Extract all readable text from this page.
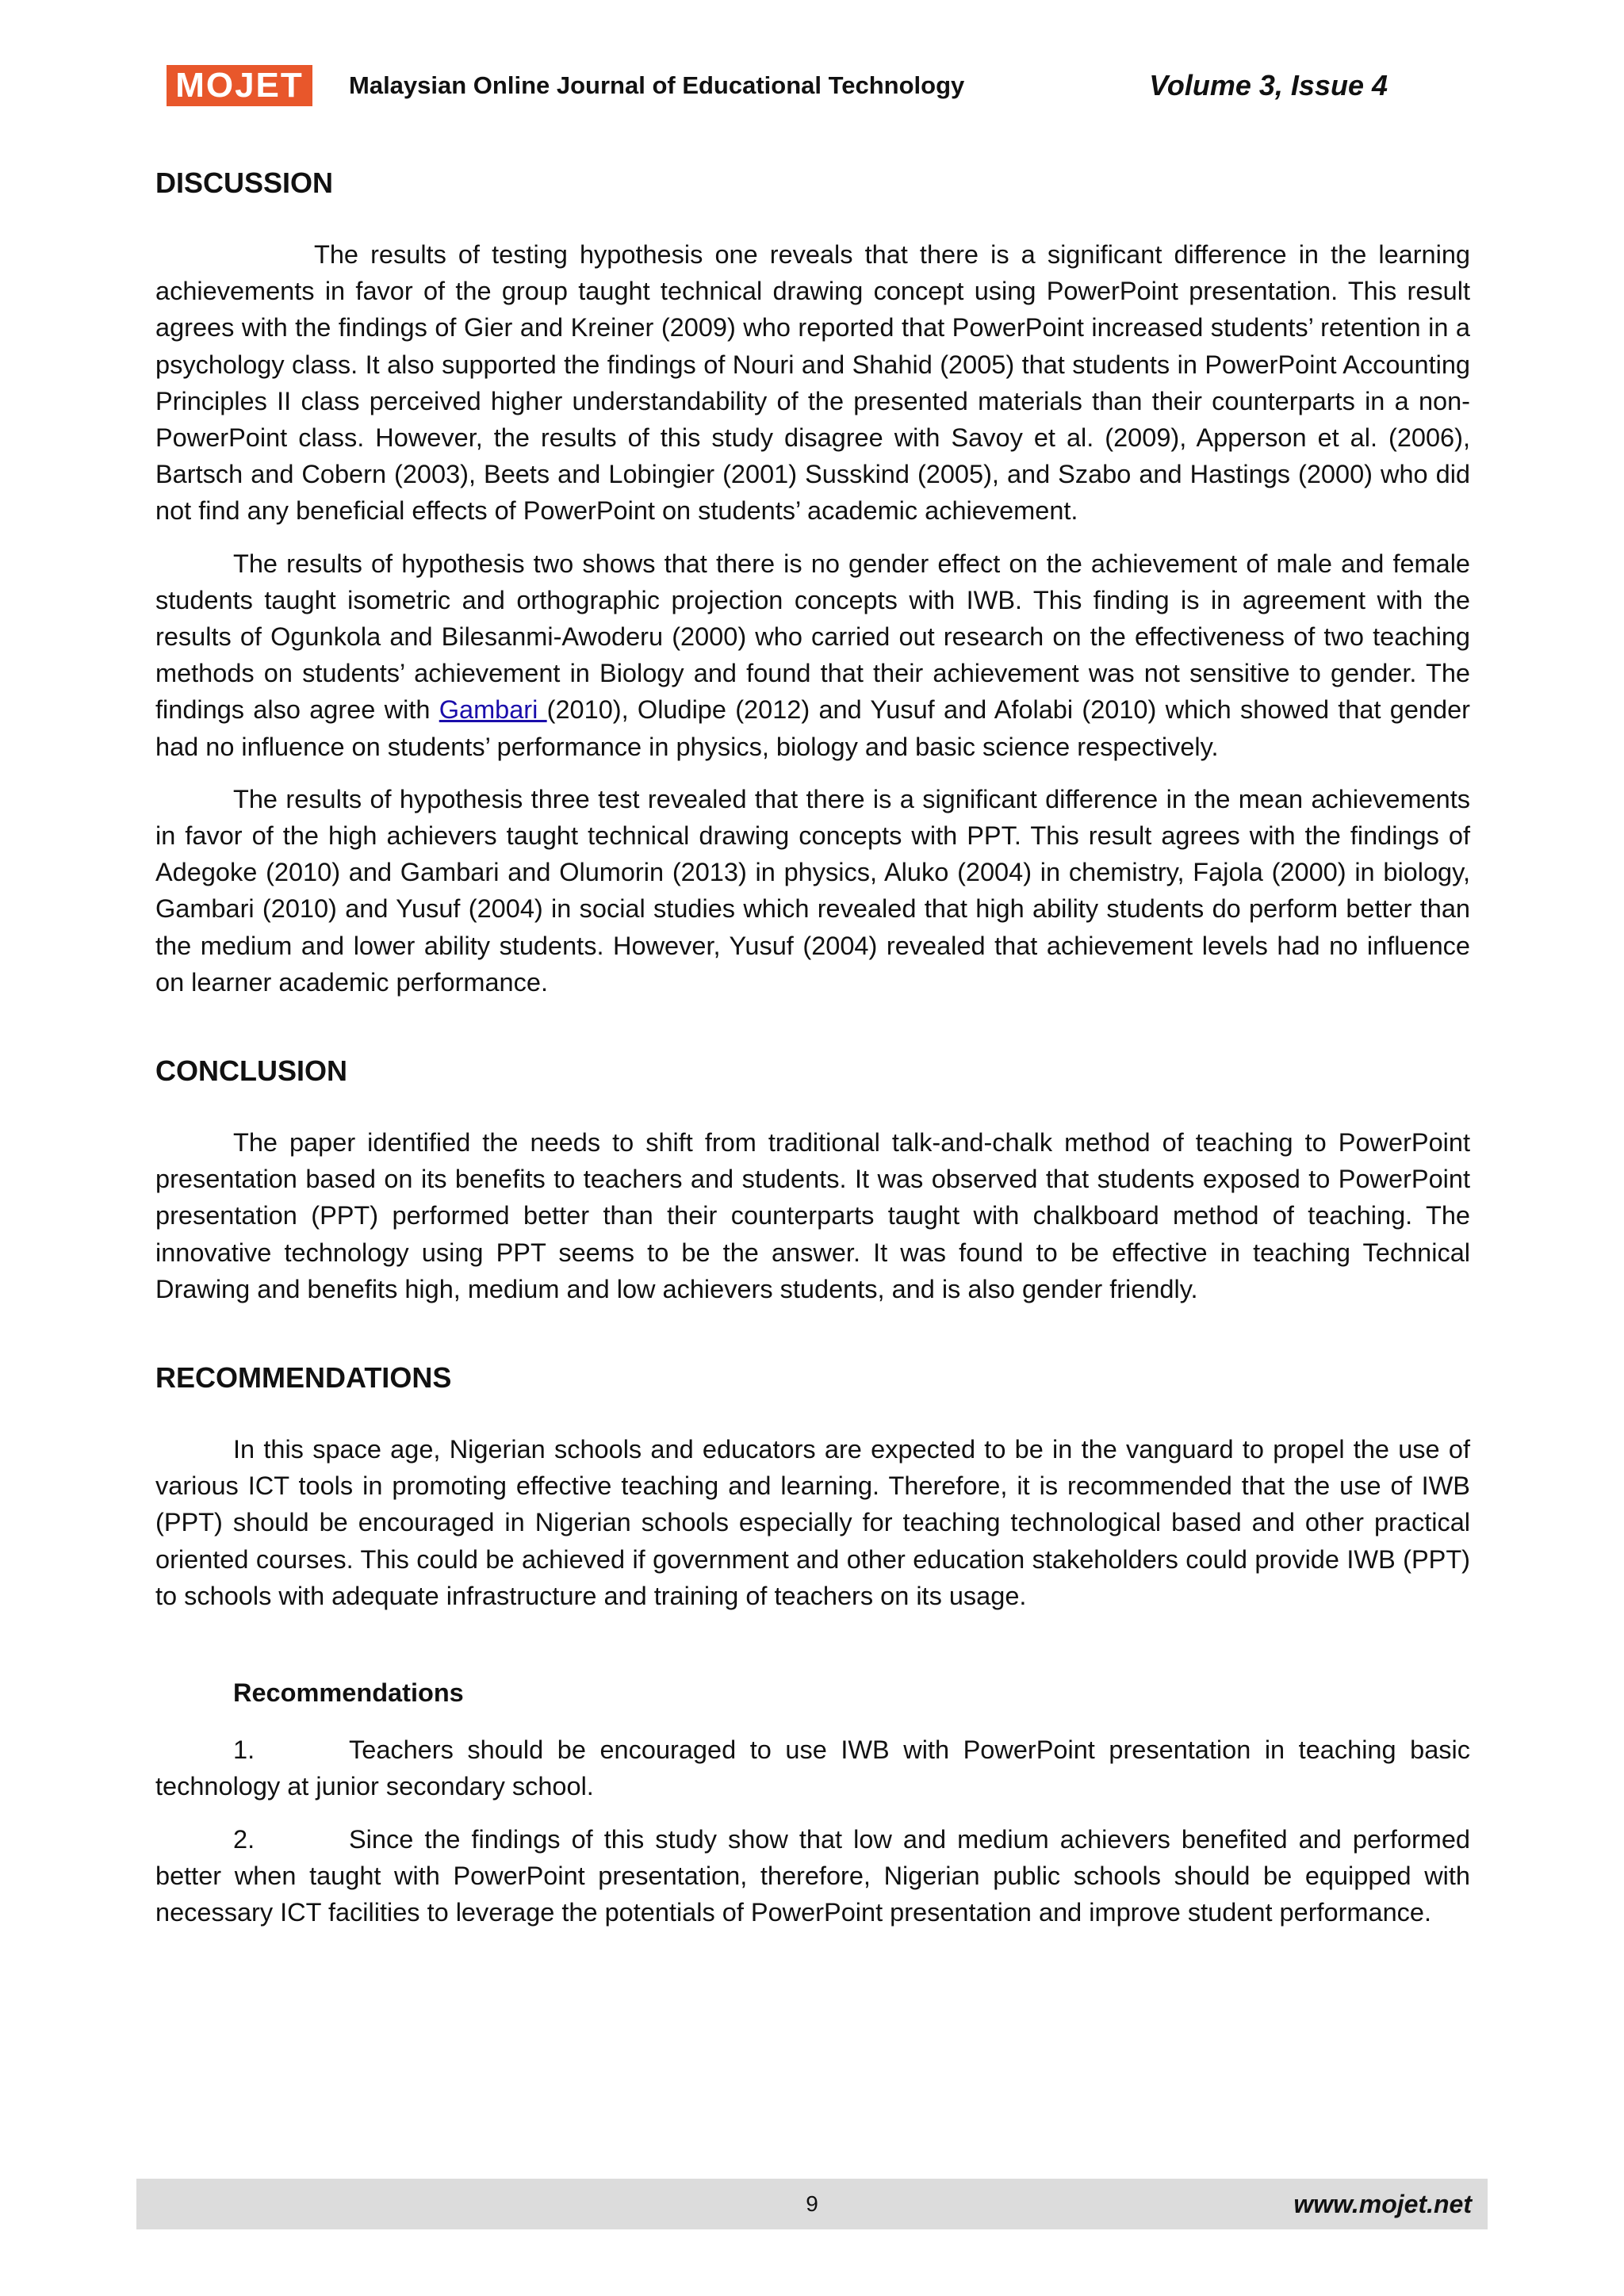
MOJET	Malaysian Online Journal of Educational Technology	Volume 3, Issue 4
DISCUSSION

The results of testing hypothesis one reveals that there is a significant difference in the learning achievements in favor of the group taught technical drawing concept using PowerPoint presentation. This result agrees with the findings of Gier and Kreiner (2009) who reported that PowerPoint increased students’ retention in a psychology class. It also supported the findings of Nouri and Shahid (2005) that students in PowerPoint Accounting Principles II class perceived higher understandability of the presented materials than their counterparts in a non-PowerPoint class. However, the results of this study disagree with Savoy et al. (2009), Apperson et al. (2006), Bartsch and Cobern (2003), Beets and Lobingier (2001) Susskind (2005), and Szabo and Hastings (2000) who did not find any beneficial effects of PowerPoint on students’ academic achievement.

The results of hypothesis two shows that there is no gender effect on the achievement of male and female students taught isometric and orthographic projection concepts with IWB. This finding is in agreement with the results of Ogunkola and Bilesanmi-Awoderu (2000) who carried out research on the effectiveness of two teaching methods on students’ achievement in Biology and found that their achievement was not sensitive to gender. The findings also agree with Gambari (2010), Oludipe (2012) and Yusuf and Afolabi (2010) which showed that gender had no influence on students’ performance in physics, biology and basic science respectively.

The results of hypothesis three test revealed that there is a significant difference in the mean achievements in favor of the high achievers taught technical drawing concepts with PPT. This result agrees with the findings of Adegoke (2010) and Gambari and Olumorin (2013) in physics, Aluko (2004) in chemistry, Fajola (2000) in biology, Gambari (2010) and Yusuf (2004) in social studies which revealed that high ability students do perform better than the medium and lower ability students. However, Yusuf (2004) revealed that achievement levels had no influence on learner academic performance.

CONCLUSION

The paper identified the needs to shift from traditional talk-and-chalk method of teaching to PowerPoint presentation based on its benefits to teachers and students. It was observed that students exposed to PowerPoint presentation (PPT) performed better than their counterparts taught with chalkboard method of teaching. The innovative technology using PPT seems to be the answer. It was found to be effective in teaching Technical Drawing and benefits high, medium and low achievers students, and is also gender friendly.

RECOMMENDATIONS

In this space age, Nigerian schools and educators are expected to be in the vanguard to propel the use of various ICT tools in promoting effective teaching and learning. Therefore, it is recommended that the use of IWB (PPT) should be encouraged in Nigerian schools especially for teaching technological based and other practical oriented courses. This could be achieved if government and other education stakeholders could provide IWB (PPT) to schools with adequate infrastructure and training of teachers on its usage.

Recommendations

1.	Teachers should be encouraged to use IWB with PowerPoint presentation in teaching basic technology at junior secondary school.

2.	Since the findings of this study show that low and medium achievers benefited and performed better when taught with PowerPoint presentation, therefore, Nigerian public schools should be equipped with necessary ICT facilities to leverage the potentials of PowerPoint presentation and improve student performance.

9	www.mojet.net
